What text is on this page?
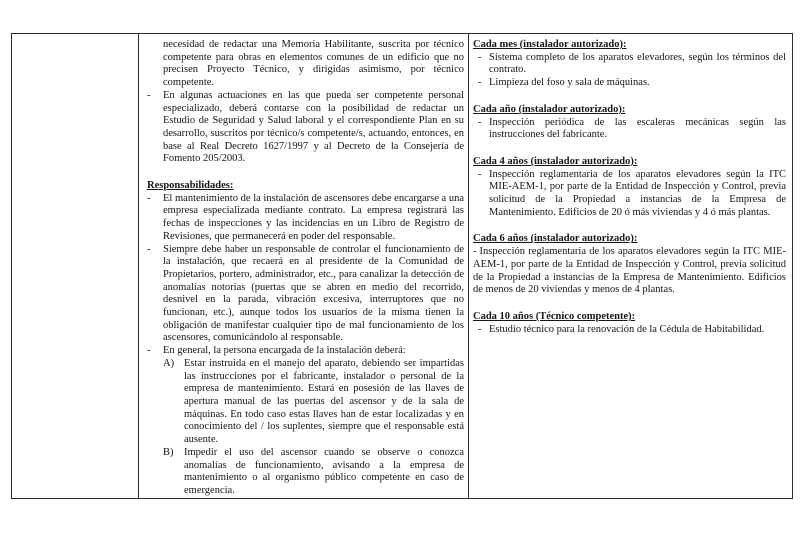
necesidad de redactar una Memoria Habilitante, suscrita por técnico competente para obras en elementos comunes de un edificio que no precisen Proyecto Técnico, y dirigidas asimismo, por técnico competente.

-	En algunas actuaciones en las que pueda ser competente personal especializado, deberá contarse con la posibilidad de redactar un Estudio de Seguridad y Salud laboral y el correspondiente Plan en su desarrollo, suscritos por técnico/s competente/s, actuando, entonces, en base al Real Decreto 1627/1997 y al Decreto de la Consejería de Fomento 205/2003.

Responsabilidades:

-	El mantenimiento de la instalación de ascensores debe encargarse a una empresa especializada mediante contrato. La empresa registrará las fechas de inspecciones y las incidencias en un Libro de Registro de Revisiones, que permanecerá en poder del responsable.

-	Siempre debe haber un responsable de controlar el funcionamiento de la instalación, que recaerá en al presidente de la Comunidad de Propietarios, portero, administrador, etc., para canalizar la detección de anomalías notorias (puertas que se abren en medio del recorrido, desnivel en la parada, vibración excesiva, interruptores que no funcionan, etc.), aunque todos los usuarios de la misma tienen la obligación de manifestar cualquier tipo de mal funcionamiento de los ascensores, comunicándolo al responsable.

-	En general, la persona encargada de la instalación deberá:

A) Estar instruida en el manejo del aparato, debiendo ser impartidas las instrucciones por el fabricante, instalador o personal de la empresa de mantenimiento. Estará en posesión de las llaves de apertura manual de las puertas del ascensor y de la sala de máquinas. En todo caso estas llaves han de estar localizadas y en conocimiento del / los suplentes, siempre que el responsable está ausente.

B)	Impedir el uso del ascensor cuando se observe o conozca anomalías de funcionamiento, avisando a la empresa de mantenimiento o al organismo público competente en caso de emergencia.

Cada mes (instalador autorizado):

- Sistema completo de los aparatos elevadores, según los términos del contrato.

- Limpieza del foso y sala de máquinas.

Cada año (instalador autorizado):

- Inspección periódica de las escaleras mecánicas según las instrucciones del fabricante.

Cada 4 años (instalador autorizado):

- Inspección reglamentaria de los aparatos elevadores según la ITC MIE-AEM-1, por parte de la Entidad de Inspección y Control, previa solicitud de la Propiedad a instancias de la Empresa de Mantenimiento. Edificios de 20 ó más viviendas y 4 ó más plantas.

Cada 6 años (instalador autorizado):

- Inspección reglamentaria de los aparatos elevadores según la ITC MIE-AEM-1, por parte de la Entidad de Inspección y Control, previa solicitud de la Propiedad a instancias de la Empresa de Mantenimiento. Edificios de menos de 20 viviendas y menos de 4 plantas.

Cada 10 años (Técnico competente):

- Estudio técnico para la renovación de la Cédula de Habitabilidad.
